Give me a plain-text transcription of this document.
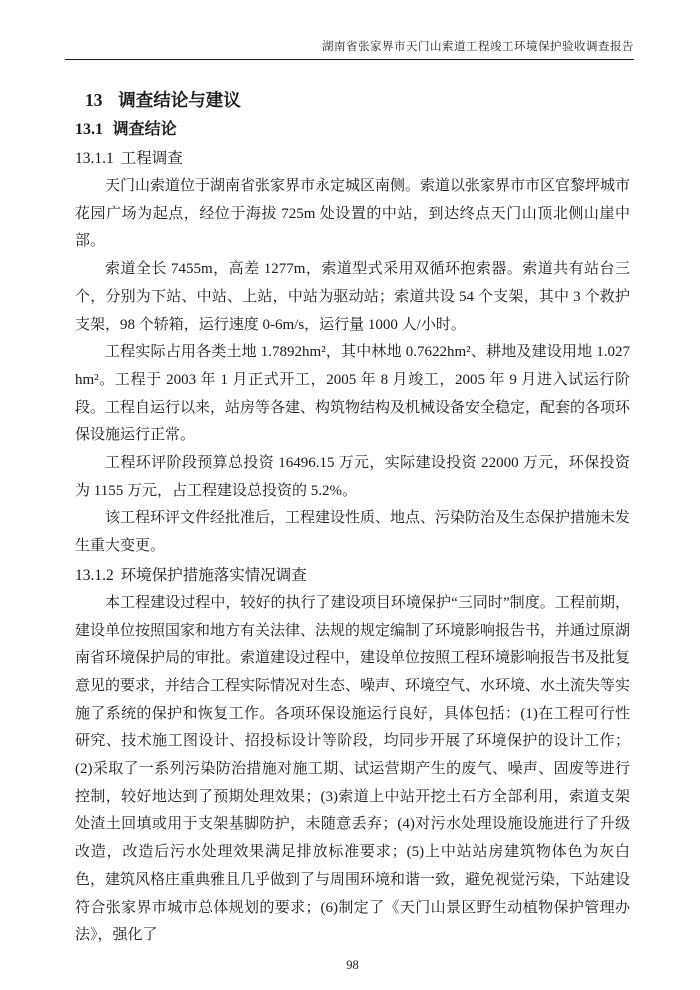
湖南省张家界市天门山索道工程竣工环境保护验收调查报告
13 调查结论与建议
13.1 调查结论
13.1.1 工程调查

天门山索道位于湖南省张家界市永定城区南侧。索道以张家界市市区官黎坪城市花园广场为起点，经位于海拔 725m 处设置的中站，到达终点天门山顶北侧山崖中部。

索道全长 7455m，高差 1277m，索道型式采用双循环抱索器。索道共有站台三个，分别为下站、中站、上站，中站为驱动站；索道共设 54 个支架，其中 3 个救护支架，98 个轿箱，运行速度 0-6m/s，运行量 1000 人/小时。

工程实际占用各类土地 1.7892hm²，其中林地 0.7622hm²、耕地及建设用地 1.027hm²。工程于 2003 年 1 月正式开工，2005 年 8 月竣工，2005 年 9 月进入试运行阶段。工程自运行以来，站房等各建、构筑物结构及机械设备安全稳定，配套的各项环保设施运行正常。

工程环评阶段预算总投资 16496.15 万元，实际建设投资 22000 万元，环保投资为 1155 万元，占工程建设总投资的 5.2%。

该工程环评文件经批准后，工程建设性质、地点、污染防治及生态保护措施未发生重大变更。

13.1.2 环境保护措施落实情况调查

本工程建设过程中，较好的执行了建设项目环境保护“三同时”制度。工程前期，建设单位按照国家和地方有关法律、法规的规定编制了环境影响报告书，并通过原湖南省环境保护局的审批。索道建设过程中，建设单位按照工程环境影响报告书及批复意见的要求，并结合工程实际情况对生态、噪声、环境空气、水环境、水土流失等实施了系统的保护和恢复工作。各项环保设施运行良好，具体包括：(1)在工程可行性研究、技术施工图设计、招投标设计等阶段，均同步开展了环境保护的设计工作；(2)采取了一系列污染防治措施对施工期、试运营期产生的废气、噪声、固废等进行控制，较好地达到了预期处理效果；(3)索道上中站开挖土石方全部利用，索道支架处渣土回填或用于支架基脚防护，未随意丢弃；(4)对污水处理设施设施进行了升级改造，改造后污水处理效果满足排放标准要求；(5)上中站站房建筑物体色为灰白色，建筑风格庄重典雅且几乎做到了与周围环境和谐一致，避免视觉污染，下站建设符合张家界市城市总体规划的要求；(6)制定了《天门山景区野生动植物保护管理办法》，强化了

98
